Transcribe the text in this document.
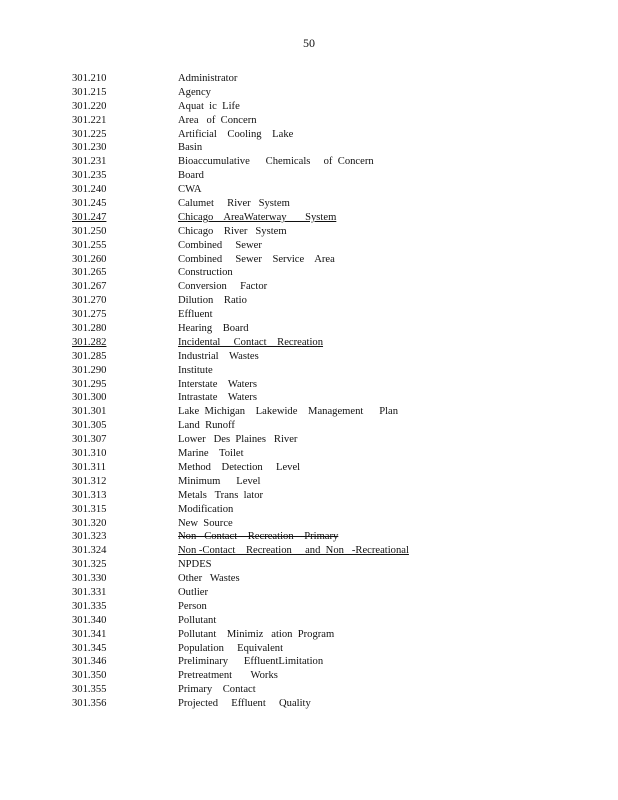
50
301.210	Administrator
301.215	Agency
301.220	Aquat  ic  Life
301.221	Area   of  Concern
301.225	Artificial    Cooling    Lake
301.230	Basin
301.231	Bioaccumulative      Chemicals     of  Concern
301.235	Board
301.240	CWA
301.245	Calumet     River   System
301.247	Chicago    AreaWaterway       System
301.250	Chicago    River   System
301.255	Combined     Sewer
301.260	Combined     Sewer    Service    Area
301.265	Construction
301.267	Conversion     Factor
301.270	Dilution    Ratio
301.275	Effluent
301.280	Hearing    Board
301.282	Incidental     Contact    Recreation
301.285	Industrial    Wastes
301.290	Institute
301.295	Interstate    Waters
301.300	Intrastate    Waters
301.301	Lake  Michigan    Lakewide    Management      Plan
301.305	Land  Runoff
301.307	Lower   Des  Plaines   River
301.310	Marine    Toilet
301.311	Method    Detection     Level
301.312	Minimum      Level
301.313	Metals   Trans  lator
301.315	Modification
301.320	New  Source
301.323	Non   Contact    Recreation    Primary
301.324	Non -Contact    Recreation     and  Non   -Recreational
301.325	NPDES
301.330	Other   Wastes
301.331	Outlier
301.335	Person
301.340	Pollutant
301.341	Pollutant    Minimiz   ation  Program
301.345	Population     Equivalent
301.346	Preliminary      EffluentLimitation
301.350	Pretreatment       Works
301.355	Primary    Contact
301.356	Projected     Effluent     Quality
